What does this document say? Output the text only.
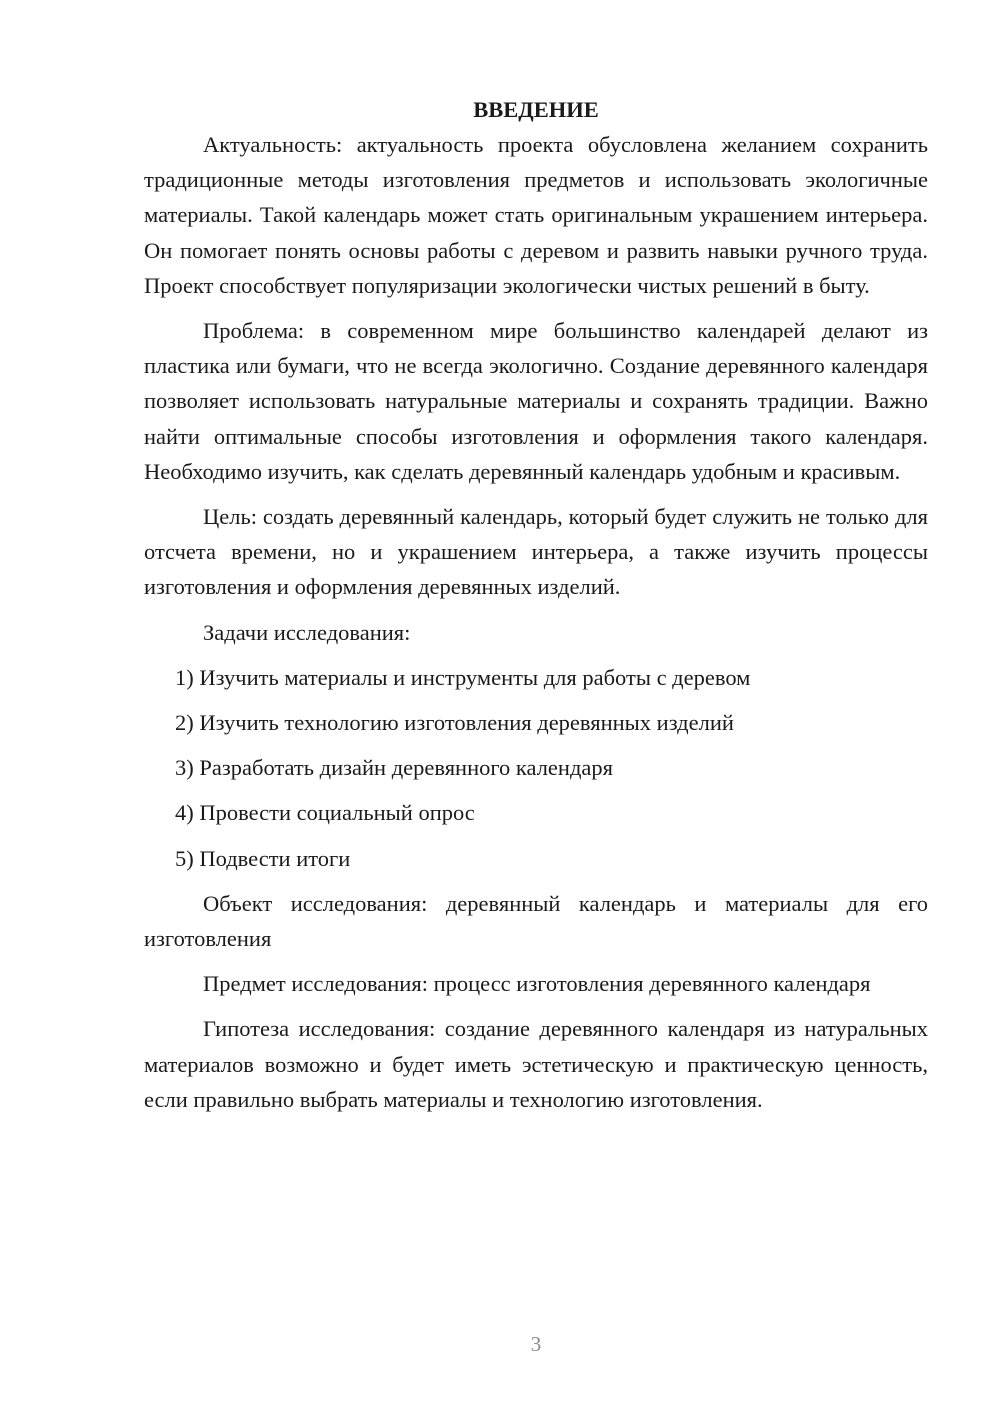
ВВЕДЕНИЕ

Актуальность: актуальность проекта обусловлена желанием сохранить традиционные методы изготовления предметов и использовать экологичные материалы. Такой календарь может стать оригинальным украшением интерьера. Он помогает понять основы работы с деревом и развить навыки ручного труда. Проект способствует популяризации экологически чистых решений в быту.

Проблема: в современном мире большинство календарей делают из пластика или бумаги, что не всегда экологично. Создание деревянного календаря позволяет использовать натуральные материалы и сохранять традиции. Важно найти оптимальные способы изготовления и оформления такого календаря. Необходимо изучить, как сделать деревянный календарь удобным и красивым.

Цель: создать деревянный календарь, который будет служить не только для отсчета времени, но и украшением интерьера, а также изучить процессы изготовления и оформления деревянных изделий.

Задачи исследования:

1) Изучить материалы и инструменты для работы с деревом
2) Изучить технологию изготовления деревянных изделий
3) Разработать дизайн деревянного календаря
4) Провести социальный опрос
5) Подвести итоги

Объект исследования: деревянный календарь и материалы для его изготовления

Предмет исследования: процесс изготовления деревянного календаря

Гипотеза исследования: создание деревянного календаря из натуральных материалов возможно и будет иметь эстетическую и практическую ценность, если правильно выбрать материалы и технологию изготовления.

3
